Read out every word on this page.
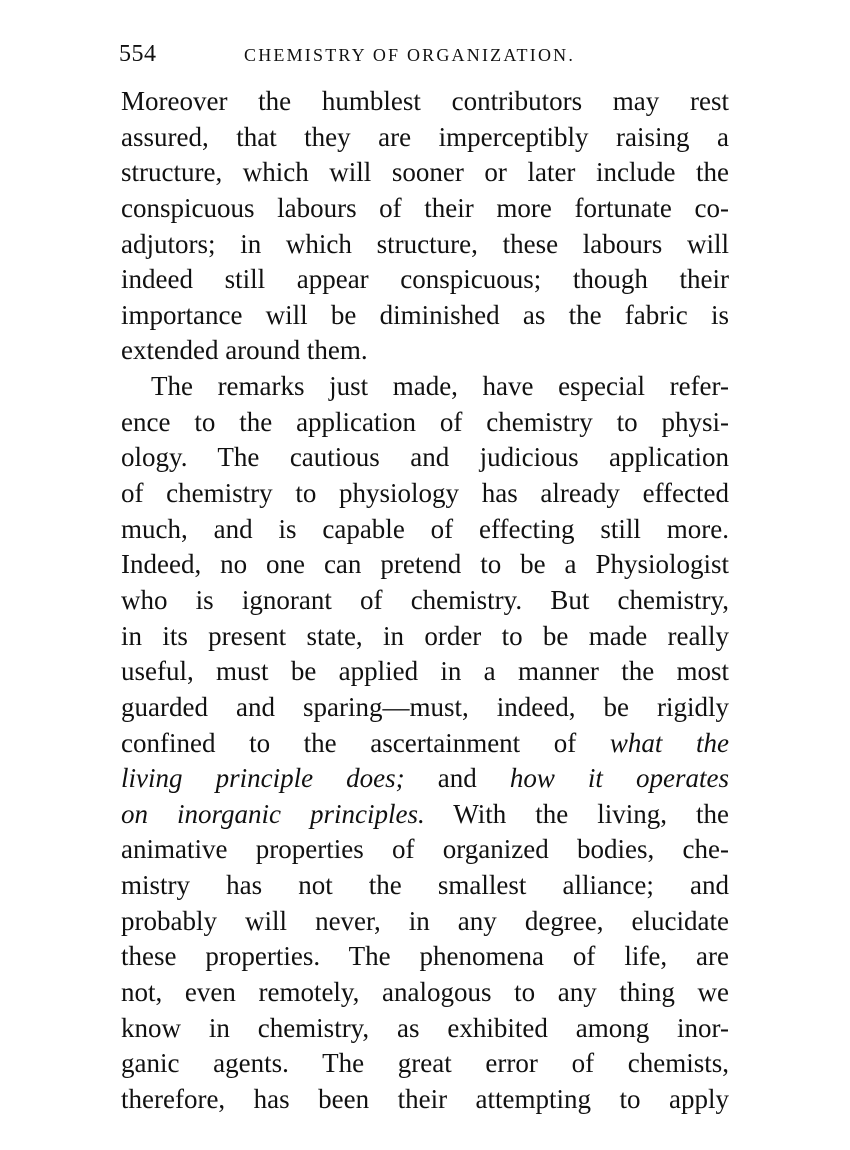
554	CHEMISTRY OF ORGANIZATION.
Moreover the humblest contributors may rest
assured, that they are imperceptibly raising a
structure, which will sooner or later include the
conspicuous labours of their more fortunate co-
adjutors; in which structure, these labours will
indeed still appear conspicuous; though their
importance will be diminished as the fabric is
extended around them.
The remarks just made, have especial refer-
ence to the application of chemistry to physi-
ology. The cautious and judicious application
of chemistry to physiology has already effected
much, and is capable of effecting still more.
Indeed, no one can pretend to be a Physiologist
who is ignorant of chemistry. But chemistry,
in its present state, in order to be made really
useful, must be applied in a manner the most
guarded and sparing—must, indeed, be rigidly
confined to the ascertainment of what the
living principle does; and how it operates
on inorganic principles. With the living, the
animative properties of organized bodies, che-
mistry has not the smallest alliance; and
probably will never, in any degree, elucidate
these properties. The phenomena of life, are
not, even remotely, analogous to any thing we
know in chemistry, as exhibited among inor-
ganic agents. The great error of chemists,
therefore, has been their attempting to apply
